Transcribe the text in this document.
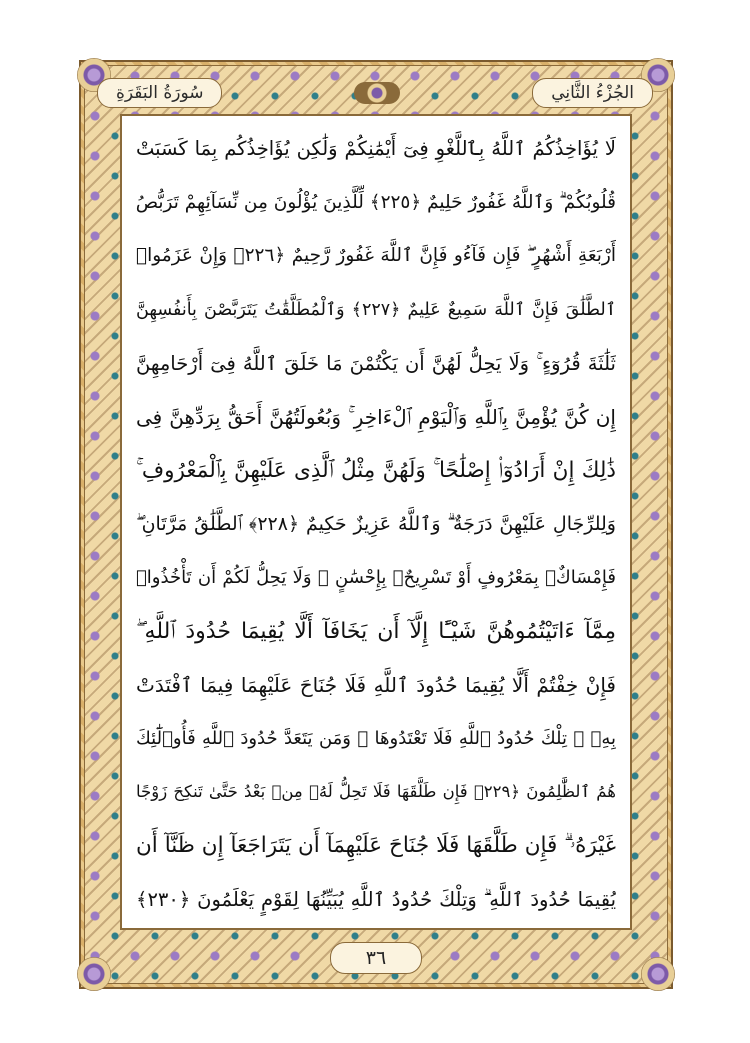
الجُزْءُ الثَّانِي
سُورَةُ البَقَرَةِ
لَا يُؤَاخِذُكُمُ ٱللَّهُ بِٱللَّغْوِ فِىٓ أَيْمَٰنِكُمْ وَلَٰكِن يُؤَاخِذُكُم بِمَا كَسَبَتْ
قُلُوبُكُمْ ۗ وَٱللَّهُ غَفُورٌ حَلِيمٌ ﴿٢٢٥﴾ لِّلَّذِينَ يُؤْلُونَ مِن نِّسَآئِهِمْ تَرَبُّصُ
أَرْبَعَةِ أَشْهُرٍ ۖ فَإِن فَآءُو فَإِنَّ ٱللَّهَ غَفُورٌ رَّحِيمٌ ﴿٢٢٦﴾ وَإِنْ عَزَمُوا۟
ٱلطَّلَٰقَ فَإِنَّ ٱللَّهَ سَمِيعٌ عَلِيمٌ ﴿٢٢٧﴾ وَٱلْمُطَلَّقَٰتُ يَتَرَبَّصْنَ بِأَنفُسِهِنَّ
ثَلَٰثَةَ قُرُوٓءٍ ۚ وَلَا يَحِلُّ لَهُنَّ أَن يَكْتُمْنَ مَا خَلَقَ ٱللَّهُ فِىٓ أَرْحَامِهِنَّ
إِن كُنَّ يُؤْمِنَّ بِٱللَّهِ وَٱلْيَوْمِ ٱلْءَاخِرِ ۚ وَبُعُولَتُهُنَّ أَحَقُّ بِرَدِّهِنَّ فِى
ذَٰلِكَ إِنْ أَرَادُوٓا۟ إِصْلَٰحًا ۚ وَلَهُنَّ مِثْلُ ٱلَّذِى عَلَيْهِنَّ بِٱلْمَعْرُوفِ ۚ
وَلِلرِّجَالِ عَلَيْهِنَّ دَرَجَةٌ ۗ وَٱللَّهُ عَزِيزٌ حَكِيمٌ ﴿٢٢٨﴾ ٱلطَّلَٰقُ مَرَّتَانِ ۖ
فَإِمْسَاكٌۢ بِمَعْرُوفٍ أَوْ تَسْرِيحٌۢ بِإِحْسَٰنٍ ۗ وَلَا يَحِلُّ لَكُمْ أَن تَأْخُذُوا۟
مِمَّآ ءَاتَيْتُمُوهُنَّ شَيْـًٔا إِلَّآ أَن يَخَافَآ أَلَّا يُقِيمَا حُدُودَ ٱللَّهِ ۖ
فَإِنْ خِفْتُمْ أَلَّا يُقِيمَا حُدُودَ ٱللَّهِ فَلَا جُنَاحَ عَلَيْهِمَا فِيمَا ٱفْتَدَتْ
بِهِۦ ۗ تِلْكَ حُدُودُ ٱللَّهِ فَلَا تَعْتَدُوهَا ۚ وَمَن يَتَعَدَّ حُدُودَ ٱللَّهِ فَأُو۟لَٰٓئِكَ
هُمُ ٱلظَّٰلِمُونَ ﴿٢٢٩﴾ فَإِن طَلَّقَهَا فَلَا تَحِلُّ لَهُۥ مِنۢ بَعْدُ حَتَّىٰ تَنكِحَ زَوْجًا
غَيْرَهُۥ ۗ فَإِن طَلَّقَهَا فَلَا جُنَاحَ عَلَيْهِمَآ أَن يَتَرَاجَعَآ إِن ظَنَّآ أَن
يُقِيمَا حُدُودَ ٱللَّهِ ۗ وَتِلْكَ حُدُودُ ٱللَّهِ يُبَيِّنُهَا لِقَوْمٍ يَعْلَمُونَ ﴿٢٣٠﴾
٣٦
